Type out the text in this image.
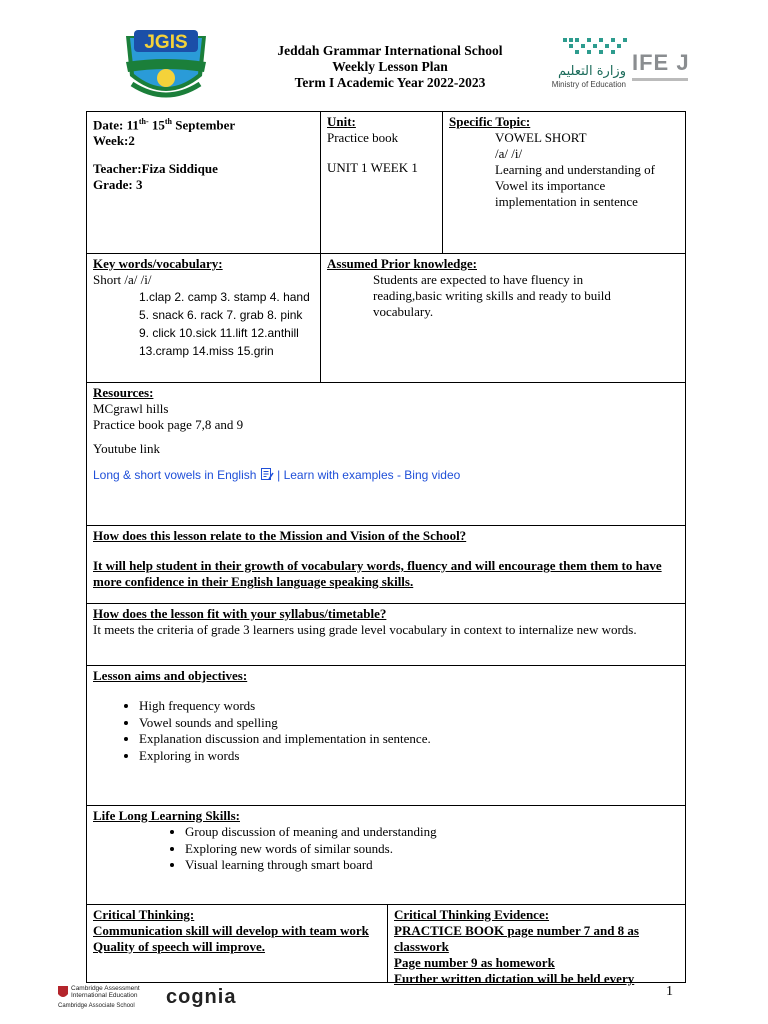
JGIS	Jeddah Grammar International School
Weekly Lesson Plan
Term I Academic Year 2022-2023
وزارة التعليم
Ministry of Education
IFE J

Date: $11^{th-}$ 15th September

Week:2

Teacher:Fiza Siddique

Grade: 3

Unit:

Practice book

UNIT 1 WEEK 1

Specific Topic:

VOWEL SHORT

/a/ /i/

Learning and understanding of Vowel its importance implementation in sentence

Key words/vocabulary:

Short /a/ /i/

1.clap 2. camp 3. stamp 4. hand 5. snack 6. rack 7. grab 8. pink 9. click 10.sick 11.lift 12.anthill 13.cramp 14.miss 15.grin

Assumed Prior knowledge:

Students are expected to have fluency in reading,basic writing skills and ready to build vocabulary.

Resources:

MCgrawl hills

Practice book page 7,8 and 9

Youtube link

Long & short vowels in English  | Learn with examples - Bing video

How does this lesson relate to the Mission and Vision of the School?

It will help student in their growth of vocabulary words, fluency and will encourage them them to have more confidence in their English language speaking skills.

How does the lesson fit with your syllabus/timetable?

It meets the criteria of grade 3 learners using grade level vocabulary in context to internalize new words.

Lesson aims and objectives:

• High frequency words
• Vowel sounds and spelling
• Explanation discussion and implementation in sentence.
• Exploring in words

Life Long Learning Skills:

• Group discussion of meaning and understanding
• Exploring new words of similar sounds.
• Visual learning through smart board

Critical Thinking:

Communication skill will develop with team work

Quality of speech will improve.

Critical Thinking Evidence:

PRACTICE BOOK page number 7 and 8 as classwork

Page number 9 as homework

Further written dictation will be held every

Cambridge Assessment
International Education
Cambridge Associate School cognia	1
